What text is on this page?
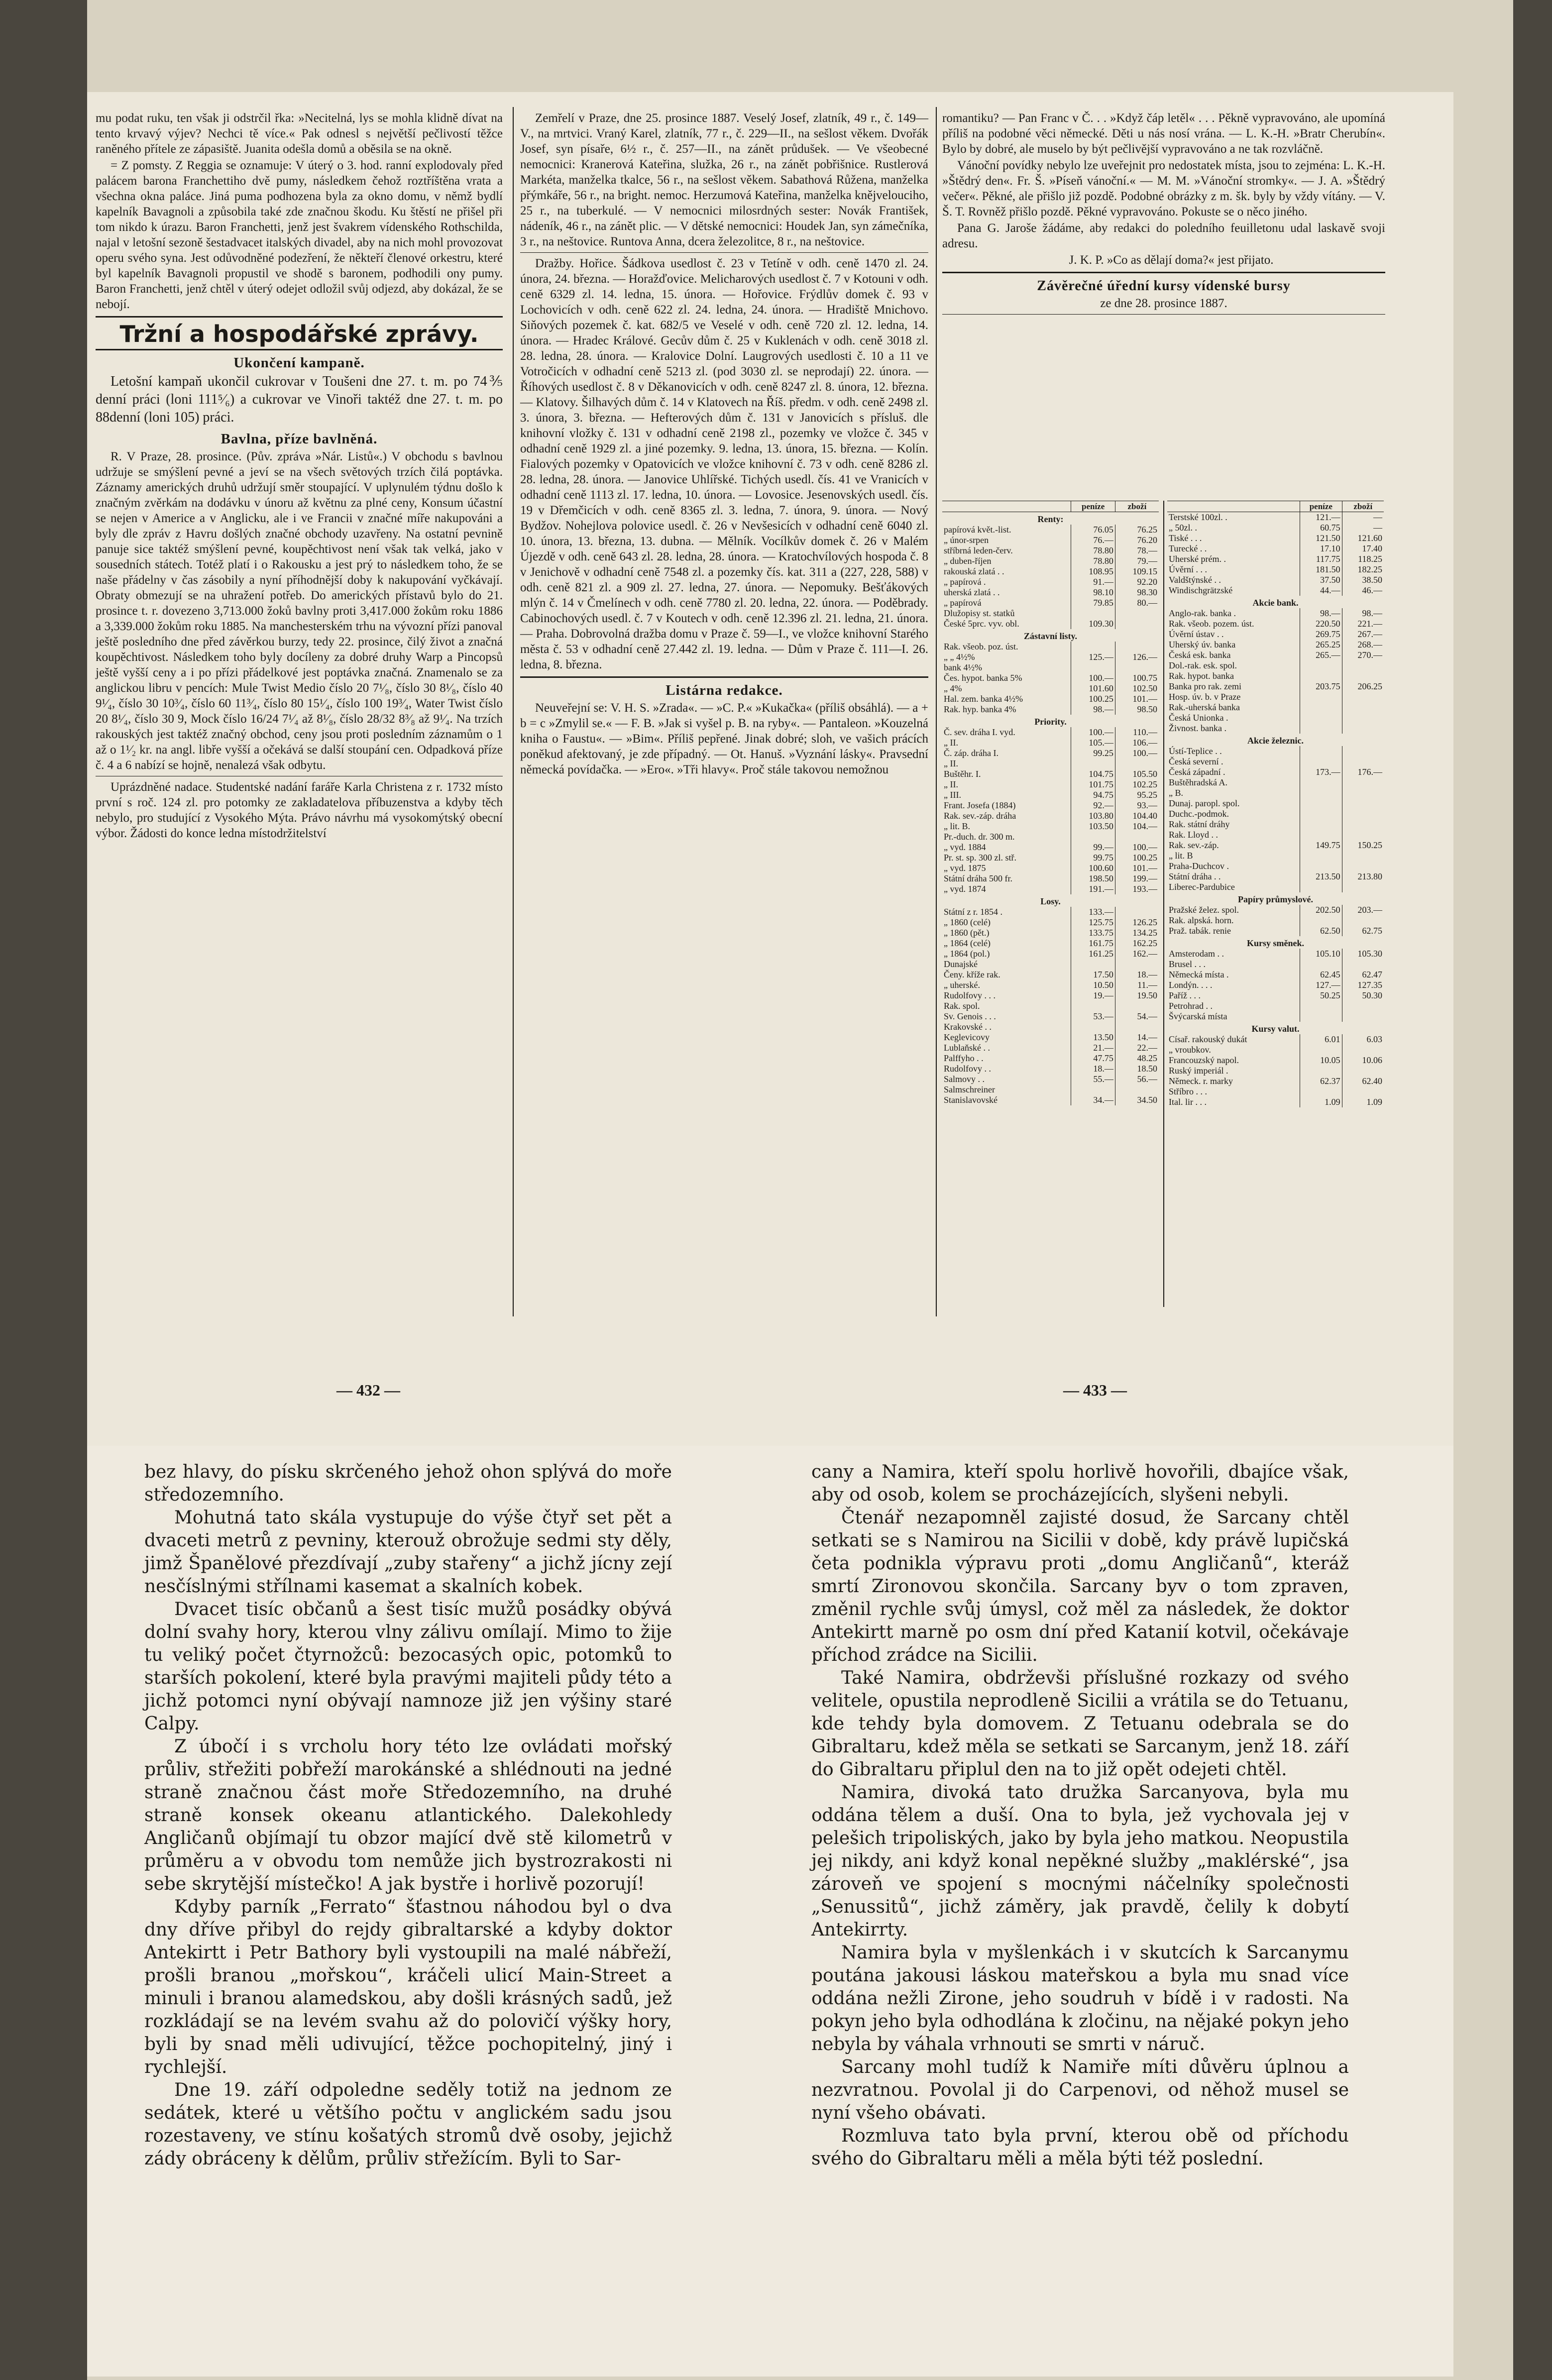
mu podat ruku, ten však ji odstrčil řka: »Necitelná, lys se mohla klidně dívat na tento krvavý výjev? Nechci tě více.« Pak odnesl s největší pečlivostí těžce raněného přítele ze zápasiště. Juanita odešla domů a oběsila se na okně.

= Z pomsty. Z Reggia se oznamuje: V úterý o 3. hod. ranní explodovaly před palácem barona Franchettiho dvě pumy, následkem čehož roztříštěna vrata a všechna okna paláce. Jiná puma podhozena byla za okno domu, v němž bydlí kapelník Bavagnoli a způsobila také zde značnou škodu. Ku štěstí ne přišel při tom nikdo k úrazu. Baron Franchetti, jenž jest švakrem vídenského Rothschilda, najal v letošní sezoně šestadvacet italských divadel, aby na nich mohl provozovat operu svého syna. Jest odůvodněné podezření, že někteří členové orkestru, které byl kapelník Bavagnoli propustil ve shodě s baronem, podhodili ony pumy. Baron Franchetti, jenž chtěl v úterý odejet odložil svůj odjezd, aby dokázal, že se nebojí.

Tržní a hospodářské zprávy.
Ukončení kampaně.

Letošní kampaň ukončil cukrovar v Toušeni dne 27. t. m. po 74⅗ denní práci (loni 111⁵⁄₆) a cukrovar ve Vinoři taktéž dne 27. t. m. po 88denní (loni 105) práci.

Bavlna, příze bavlněná.

R. V Praze, 28. prosince. (Pův. zpráva »Nár. Listů«.) V obchodu s bavlnou udržuje se smýšlení pevné a jeví se na všech světových trzích čilá poptávka. Záznamy amerických druhů udržují směr stoupající. V uplynulém týdnu došlo k značným zvěrkám na dodávku v únoru až květnu za plné ceny, Konsum účastní se nejen v Americe a v Anglicku, ale i ve Francii v značné míře nakupováni a byly dle zpráv z Havru došlých značné obchody uzavřeny. Na ostatní pevnině panuje sice taktéž smýšlení pevné, koupěchtivost není však tak velká, jako v sousedních státech. Totéž platí i o Rakousku a jest prý to následkem toho, že se naše přádelny v čas zásobily a nyní příhodnější doby k nakupování vyčkávají. Obraty obmezují se na uhražení potřeb. Do amerických přístavů bylo do 21. prosince t. r. dovezeno 3,713.000 žoků bavlny proti 3,417.000 žokům roku 1886 a 3,339.000 žokům roku 1885. Na manchesterském trhu na vývozní přízi panoval ještě posledního dne před závěrkou burzy, tedy 22. prosince, čilý život a značná koupěchtivost. Následkem toho byly docíleny za dobré druhy Warp a Pincopsů ještě vyšší ceny a i po přízi přádelkové jest poptávka značná. Znamenalo se za anglickou libru v pencích: Mule Twist Medio číslo 20 7¹⁄₈, číslo 30 8¹⁄₈, číslo 40 9¹⁄₄, číslo 30 10³⁄₄, číslo 60 11³⁄₄, číslo 80 15¹⁄₄, číslo 100 19³⁄₄, Water Twist číslo 20 8¹⁄₄, číslo 30 9, Mock číslo 16/24 7¹⁄₄ až 8¹⁄₈, číslo 28/32 8³⁄₈ až 9¹⁄₄. Na trzích rakouských jest taktéž značný obchod, ceny jsou proti posledním záznamům o 1 až o 1¹⁄₂ kr. na angl. libře vyšší a očekává se další stoupání cen. Odpadková příze č. 4 a 6 nabízí se hojně, nenalezá však odbytu.

Uprázdněné nadace. Studentské nadání faráře Karla Christena z r. 1732 místo první s roč. 124 zl. pro potomky ze zakladatelova příbuzenstva a kdyby těch nebylo, pro studující z Vysokého Mýta. Právo návrhu má vysokomýtský obecní výbor. Žádosti do konce ledna místodržitelství

Zemřelí v Praze, dne 25. prosince 1887. Veselý Josef, zlatník, 49 r., č. 149—V., na mrtvici. Vraný Karel, zlatník, 77 r., č. 229—II., na sešlost věkem. Dvořák Josef, syn písaře, 6½ r., č. 257—II., na zánět průdušek. — Ve všeobecné nemocnici: Kranerová Kateřina, služka, 26 r., na zánět pobřišnice. Rustlerová Markéta, manželka tkalce, 56 r., na sešlost věkem. Sabathová Růžena, manželka přýmkáře, 56 r., na bright. nemoc. Herzumová Kateřina, manželka knějvelouciho, 25 r., na tuberkulé. — V nemocnici milosrdných sester: Novák František, nádeník, 46 r., na zánět plic. — V dětské nemocnici: Houdek Jan, syn zámečníka, 3 r., na neštovice. Runtova Anna, dcera železolitce, 8 r., na neštovice.

Dražby. Hořice. Šádkova usedlost č. 23 v Tetíně v odh. ceně 1470 zl. 24. února, 24. března. — Horažďovice. Melicharových usedlost č. 7 v Kotouni v odh. ceně 6329 zl. 14. ledna, 15. února. — Hořovice. Frýdlův domek č. 93 v Lochovicích v odh. ceně 622 zl. 24. ledna, 24. února. — Hradiště Mnichovo. Siňových pozemek č. kat. 682/5 ve Veselé v odh. ceně 720 zl. 12. ledna, 14. února. — Hradec Králové. Gecův dům č. 25 v Kuklenách v odh. ceně 3018 zl. 28. ledna, 28. února. — Kralovice Dolní. Laugrových usedlosti č. 10 a 11 ve Votročicích v odhadní ceně 5213 zl. (pod 3030 zl. se neprodají) 22. února. — Říhových usedlost č. 8 v Děkanovicích v odh. ceně 8247 zl. 8. února, 12. března. — Klatovy. Šilhavých dům č. 14 v Klatovech na Říš. předm. v odh. ceně 2498 zl. 3. února, 3. března. — Hefterových dům č. 131 v Janovicích s přísluš. dle knihovní vložky č. 131 v odhadní ceně 2198 zl., pozemky ve vložce č. 345 v odhadní ceně 1929 zl. a jiné pozemky. 9. ledna, 13. února, 15. března. — Kolín. Fialových pozemky v Opatovicích ve vložce knihovní č. 73 v odh. ceně 8286 zl. 28. ledna, 28. února. — Janovice Uhlířské. Tichých usedl. čís. 41 ve Vranicích v odhadní ceně 1113 zl. 17. ledna, 10. února. — Lovosice. Jesenovských usedl. čís. 19 v Dřemčicích v odh. ceně 8365 zl. 3. ledna, 7. února, 9. února. — Nový Bydžov. Nohejlova polovice usedl. č. 26 v Nevšesicích v odhadní ceně 6040 zl. 10. února, 13. března, 13. dubna. — Mělník. Vocílkův domek č. 26 v Malém Újezdě v odh. ceně 643 zl. 28. ledna, 28. února. — Kratochvílových hospoda č. 8 v Jenichově v odhadní ceně 7548 zl. a pozemky čís. kat. 311 a (227, 228, 588) v odh. ceně 821 zl. a 909 zl. 27. ledna, 27. února. — Nepomuky. Bešťákových mlýn č. 14 v Čmelínech v odh. ceně 7780 zl. 20. ledna, 22. února. — Poděbrady. Cabinochových usedl. č. 7 v Koutech v odh. ceně 12.396 zl. 21. ledna, 21. února. — Praha. Dobrovolná dražba domu v Praze č. 59—I., ve vložce knihovní Starého města č. 53 v odhadní ceně 27.442 zl. 19. ledna. — Dům v Praze č. 111—I. 26. ledna, 8. března.

Listárna redakce.

Neuveřejní se: V. H. S. »Zrada«. — »C. P.« »Kukačka« (příliš obsáhlá). — a + b = c »Zmylil se.« — F. B. »Jak si vyšel p. B. na ryby«. — Pantaleon. »Kouzelná kniha o Faustu«. — »Bim«. Příliš pepřené. Jinak dobré; sloh, ve vašich prácích poněkud afektovaný, je zde případný. — Ot. Hanuš. »Vyznání lásky«. Pravsední německá povídačka. — »Ero«. »Tři hlavy«. Proč stále takovou nemožnou

romantiku? — Pan Franc v Č. . . »Když čáp letěl« . . . Pěkně vypravováno, ale upomíná příliš na podobné věci německé. Děti u nás nosí vrána. — L. K.-H. »Bratr Cherubín«. Bylo by dobré, ale muselo by být pečlivější vypravováno a ne tak rozvláčně.

Vánoční povídky nebylo lze uveřejnit pro nedostatek místa, jsou to zejména: L. K.-H. »Štědrý den«. Fr. Š. »Píseň vánoční.« — M. M. »Vánoční stromky«. — J. A. »Štědrý večer«. Pěkné, ale přišlo již pozdě. Podobné obrázky z m. šk. byly by vždy vítány. — V. Š. T. Rovněž přišlo pozdě. Pěkné vypravováno. Pokuste se o něco jiného.

Pana G. Jaroše žádáme, aby redakci do poledního feuilletonu udal laskavě svoji adresu.

J. K. P. »Co as dělají doma?« jest přijato.

Závěrečné úřední kursy vídenské bursy
ze dne 28. prosince 1887.
	peníze	zboží
Renty:		
papírová květ.-list.	76.05	76.25
„ únor-srpen	76.—	76.20
stříbrná leden-červ.	78.80	78.—
„ duben-říjen	78.80	79.—
rakouská zlatá . .	108.95	109.15
„ papírová .	91.—	92.20
uherská zlatá . .	98.10	98.30
„ papírová	79.85	80.—
Dlužopisy st. statků		
České 5prc. vyv. obl.	109.30	
Zástavní listy.		
Rak. všeob. poz. úst.		
„ „ 4½%	125.—	126.—
bank 4½%		
Čes. hypot. banka 5%	100.—	100.75
„ 4%	101.60	102.50
Hal. zem. banka 4½%	100.25	101.—
Rak. hyp. banka 4%	98.—	98.50
Priority.		
Č. sev. dráha I. vyd.	100.—	110.—
„ II.	105.—	106.—
Č. záp. dráha I.	99.25	100.—
„ II.		
Buštěhr. I.	104.75	105.50
„ II.	101.75	102.25
„ III.	94.75	95.25
Frant. Josefa (1884)	92.—	93.—
Rak. sev.-záp. dráha	103.80	104.40
„ lit. B.	103.50	104.—
Pr.-duch. dr. 300 m.		
„ vyd. 1884	99.—	100.—
Pr. st. sp. 300 zl. stř.	99.75	100.25
„ vyd. 1875	100.60	101.—
Státní dráha 500 fr.	198.50	199.—
„ vyd. 1874	191.—	193.—
Losy.		
Státní z r. 1854 .	133.—	
„ 1860 (celé)	125.75	126.25
„ 1860 (pět.)	133.75	134.25
„ 1864 (celé)	161.75	162.25
„ 1864 (pol.)	161.25	162.—
Dunajské		
Čeny. kříže rak.	17.50	18.—
„ uherské.	10.50	11.—
Rudolfovy . . .	19.—	19.50
Rak. spol.		
Sv. Genois . . .	53.—	54.—
Krakovské . .		
Keglevicovy	13.50	14.—
Lublaňské . .	21.—	22.—
Palffyho . .	47.75	48.25
Rudolfovy . .	18.—	18.50
Salmovy . .	55.—	56.—
Salmschreiner		
Stanislavovské	34.—	34.50
	peníze	zboží
Terstské 100zl. .	121.—	—
„ 50zl. .	60.75	—
Tiské . . .	121.50	121.60
Turecké . .	17.10	17.40
Uherské prém. .	117.75	118.25
Úvěrní . . .	181.50	182.25
Valdštýnské . .	37.50	38.50
Windischgrätzské	44.—	46.—
Akcie bank.		
Anglo-rak. banka .	98.—	98.—
Rak. všeob. pozem. úst.	220.50	221.—
Úvěrní ústav . .	269.75	267.—
Uherský úv. banka	265.25	268.—
Česká esk. banka	265.—	270.—
Dol.-rak. esk. spol.		
Rak. hypot. banka		
Banka pro rak. zemi	203.75	206.25
Hosp. úv. b. v Praze		
Rak.-uherská banka		
Česká Unionka .		
Živnost. banka .		
Akcie železnic.		
Ústí-Teplice . .		
Česká severní .		
Česká západní .	173.—	176.—
Buštěhradská A.		
„ B.		
Dunaj. paropl. spol.		
Duchc.-podmok.		
Rak. státní dráhy		
Rak. Lloyd . .		
Rak. sev.-záp.	149.75	150.25
„ lit. B		
Praha-Duchcov .		
Státní dráha . .	213.50	213.80
Liberec-Pardubice		
Papíry průmyslové.		
Pražské želez. spol.	202.50	203.—
Rak. alpská. horn.		
Praž. tabák. renie	62.50	62.75
Kursy směnek.		
Amsterodam . .	105.10	105.30
Brusel . . .		
Německá místa .	62.45	62.47
Londýn. . . .	127.—	127.35
Paříž . . .	50.25	50.30
Petrohrad . .		
Švýcarská místa		
Kursy valut.		
Císař. rakouský dukát	6.01	6.03
„ vroubkov.		
Francouzský napol.	10.05	10.06
Ruský imperiál .		
Německ. r. marky	62.37	62.40
Stříbro . . .		
Ital. lir . . .	1.09	1.09
— 432 —	— 433 —

bez hlavy, do písku skrčeného jehož ohon splývá do moře středozemního.

Mohutná tato skála vystupuje do výše čtyř set pět a dvaceti metrů z pevniny, kterouž obrožuje sedmi sty děly, jimž Španělové přezdívají „zuby stařeny“ a jichž jícny zejí nesčíslnými střílnami kasemat a skalních kobek.

Dvacet tisíc občanů a šest tisíc mužů posádky obývá dolní svahy hory, kterou vlny zálivu omílají. Mimo to žije tu veliký počet čtyrnožců: bezocasých opic, potomků to starších pokolení, které byla pravými majiteli půdy této a jichž potomci nyní obývají namnoze již jen výšiny staré Calpy.

Z úbočí i s vrcholu hory této lze ovládati mořský průliv, střežiti pobřeží marokánské a shlédnouti na jedné straně značnou část moře Středozemního, na druhé straně konsek okeanu atlantického. Dalekohledy Angličanů objímají tu obzor mající dvě stě kilometrů v průměru a v obvodu tom nemůže jich bystrozrakosti ni sebe skrytější místečko! A jak bystře i horlivě pozorují!

Kdyby parník „Ferrato“ šťastnou náhodou byl o dva dny dříve přibyl do rejdy gibraltarské a kdyby doktor Antekirtt i Petr Bathory byli vystoupili na malé nábřeží, prošli branou „mořskou“, kráčeli ulicí Main-Street a minuli i branou alamedskou, aby došli krásných sadů, jež rozkládají se na levém svahu až do polovičí výšky hory, byli by snad měli udivující, těžce pochopitelný, jiný i rychlejší.

Dne 19. září odpoledne seděly totiž na jednom ze sedátek, které u většího počtu v anglickém sadu jsou rozestaveny, ve stínu košatých stromů dvě osoby, jejichž zády obráceny k dělům, průliv střežícím. Byli to Sar-

cany a Namira, kteří spolu horlivě hovořili, dbajíce však, aby od osob, kolem se procházejících, slyšeni nebyli.

Čtenář nezapomněl zajisté dosud, že Sarcany chtěl setkati se s Namirou na Sicilii v době, kdy právě lupičská četa podnikla výpravu proti „domu Angličanů“, kteráž smrtí Zironovou skončila. Sarcany byv o tom zpraven, změnil rychle svůj úmysl, což měl za následek, že doktor Antekirtt marně po osm dní před Katanií kotvil, očekávaje příchod zrádce na Sicilii.

Také Namira, obdrževši příslušné rozkazy od svého velitele, opustila neprodleně Sicilii a vrátila se do Tetuanu, kde tehdy byla domovem. Z Tetuanu odebrala se do Gibraltaru, kdež měla se setkati se Sarcanym, jenž 18. září do Gibraltaru připlul den na to již opět odejeti chtěl.

Namira, divoká tato družka Sarcanyova, byla mu oddána tělem a duší. Ona to byla, jež vychovala jej v pelešich tripoliských, jako by byla jeho matkou. Neopustila jej nikdy, ani když konal nepěkné služby „maklérské“, jsa zároveň ve spojení s mocnými náčelníky společnosti „Senussitů“, jichž záměry, jak pravdě, čelily k dobytí Antekirrty.

Namira byla v myšlenkách i v skutcích k Sarcanymu poutána jakousi láskou mateřskou a byla mu snad více oddána nežli Zirone, jeho soudruh v bídě i v radosti. Na pokyn jeho byla odhodlána k zločinu, na nějaké pokyn jeho nebyla by váhala vrhnouti se smrti v náruč.

Sarcany mohl tudíž k Namiře míti důvěru úplnou a nezvratnou. Povolal ji do Carpenovi, od něhož musel se nyní všeho obávati.

Rozmluva tato byla první, kterou obě od příchodu svého do Gibraltaru měli a měla býti též poslední.
